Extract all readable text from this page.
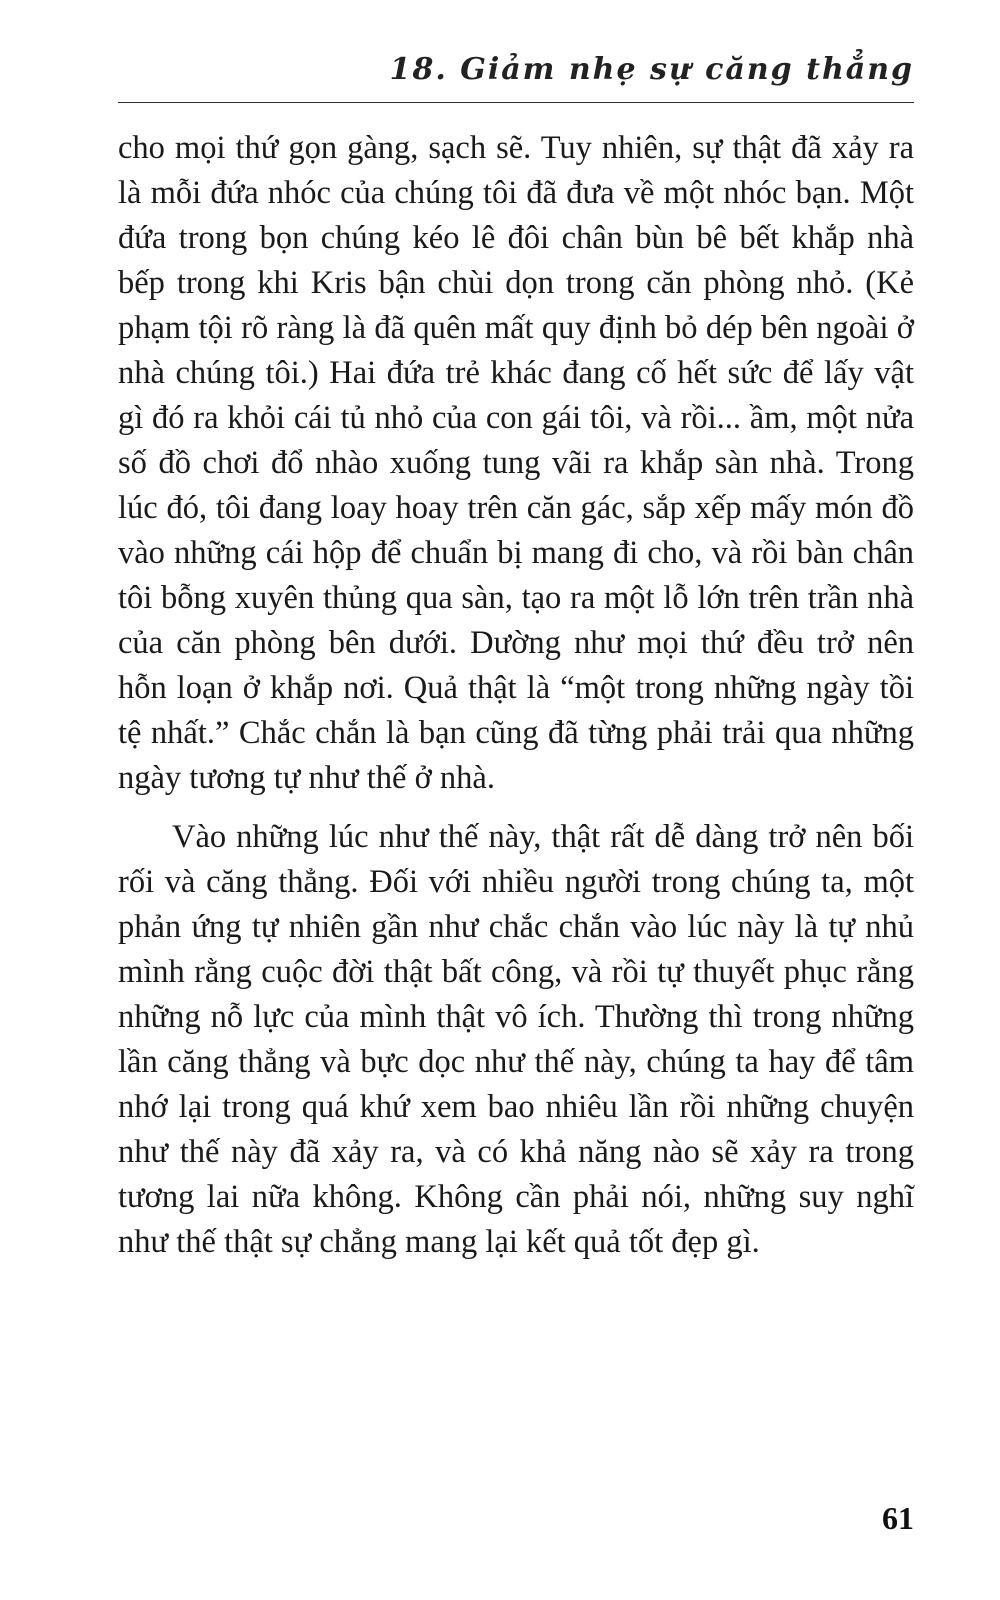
18. Giảm nhẹ sự căng thẳng

cho mọi thứ gọn gàng, sạch sẽ. Tuy nhiên, sự thật đã xảy ra là mỗi đứa nhóc của chúng tôi đã đưa về một nhóc bạn. Một đứa trong bọn chúng kéo lê đôi chân bùn bê bết khắp nhà bếp trong khi Kris bận chùi dọn trong căn phòng nhỏ. (Kẻ phạm tội rõ ràng là đã quên mất quy định bỏ dép bên ngoài ở nhà chúng tôi.) Hai đứa trẻ khác đang cố hết sức để lấy vật gì đó ra khỏi cái tủ nhỏ của con gái tôi, và rồi... ầm, một nửa số đồ chơi đổ nhào xuống tung vãi ra khắp sàn nhà. Trong lúc đó, tôi đang loay hoay trên căn gác, sắp xếp mấy món đồ vào những cái hộp để chuẩn bị mang đi cho, và rồi bàn chân tôi bỗng xuyên thủng qua sàn, tạo ra một lỗ lớn trên trần nhà của căn phòng bên dưới. Dường như mọi thứ đều trở nên hỗn loạn ở khắp nơi. Quả thật là “một trong những ngày tồi tệ nhất.” Chắc chắn là bạn cũng đã từng phải trải qua những ngày tương tự như thế ở nhà.

Vào những lúc như thế này, thật rất dễ dàng trở nên bối rối và căng thẳng. Đối với nhiều người trong chúng ta, một phản ứng tự nhiên gần như chắc chắn vào lúc này là tự nhủ mình rằng cuộc đời thật bất công, và rồi tự thuyết phục rằng những nỗ lực của mình thật vô ích. Thường thì trong những lần căng thẳng và bực dọc như thế này, chúng ta hay để tâm nhớ lại trong quá khứ xem bao nhiêu lần rồi những chuyện như thế này đã xảy ra, và có khả năng nào sẽ xảy ra trong tương lai nữa không. Không cần phải nói, những suy nghĩ như thế thật sự chẳng mang lại kết quả tốt đẹp gì.

61
